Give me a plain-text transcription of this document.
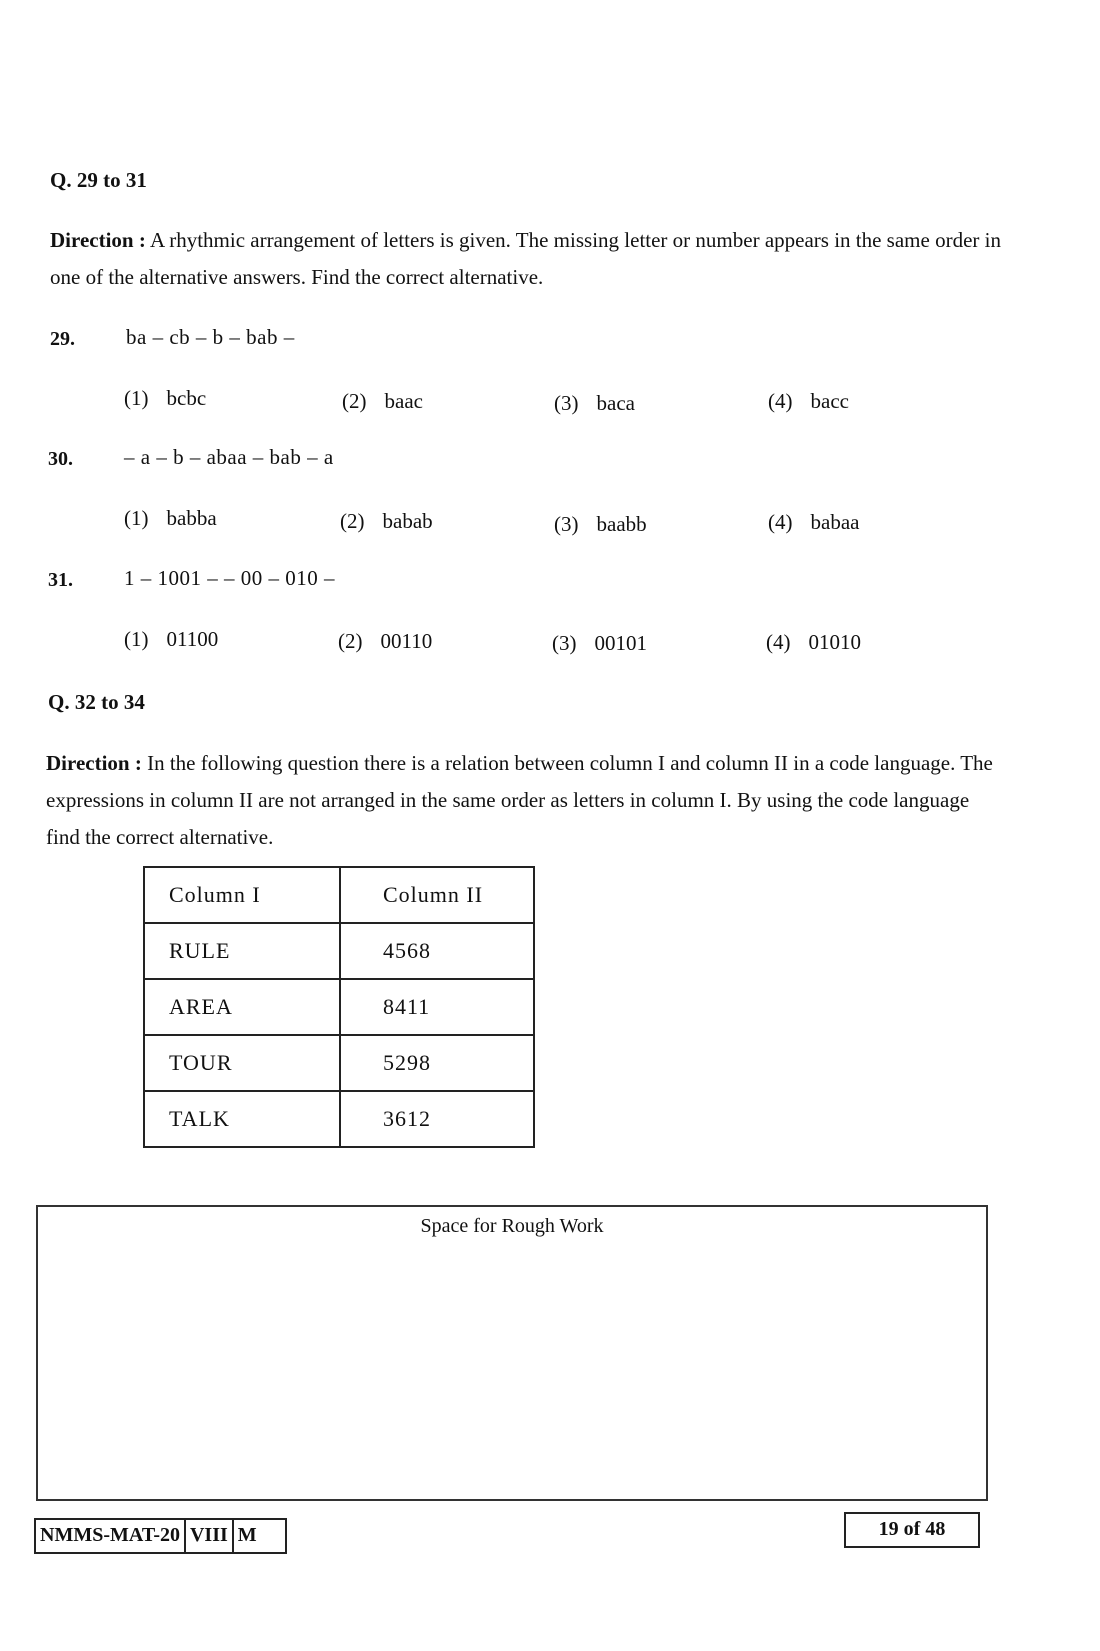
Q. 29 to 31
Direction : A rhythmic arrangement of letters is given. The missing letter or number appears in the same order in one of the alternative answers. Find the correct alternative.
29. ba – cb – b – bab –
(1) bcbc	(2) baac	(3) baca	(4) bacc
30. – a – b – abaa – bab – a
(1) babba	(2) babab	(3) baabb	(4) babaa
31. 1 – 1001 – – 00 – 010 –
(1) 01100	(2) 00110	(3) 00101	(4) 01010
Q. 32 to 34
Direction : In the following question there is a relation between column I and column II in a code language. The expressions in column II are not arranged in the same order as letters in column I. By using the code language find the correct alternative.
Column I	Column II
RULE	4568
AREA	8411
TOUR	5298
TALK	3612
Space for Rough Work
NMMS-MAT-20 VIII M	19 of 48
